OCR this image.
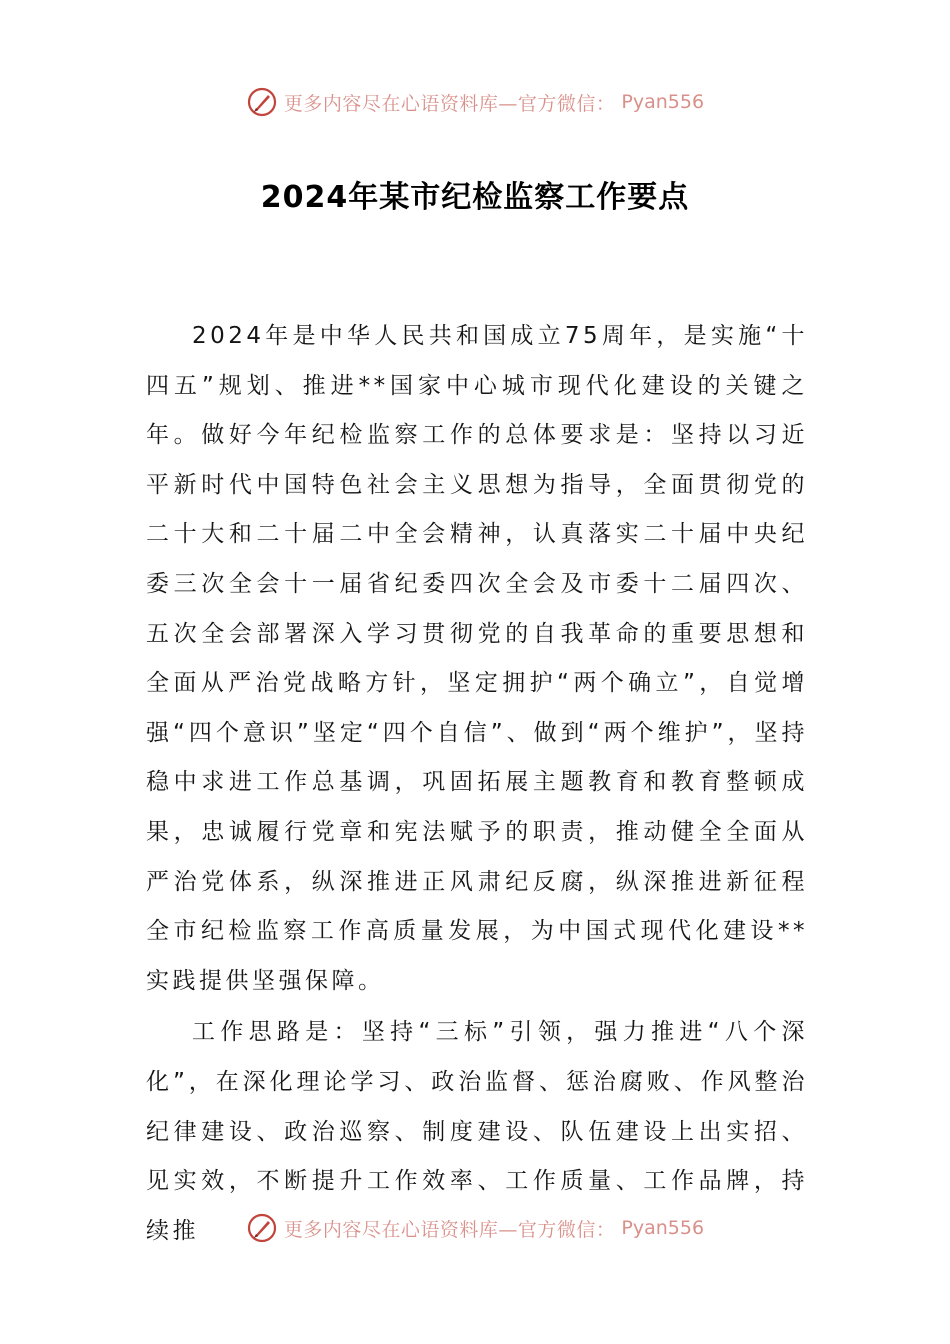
更多内容尽在心语资料库—官方微信： Pyan556
2024年某市纪检监察工作要点

2024年是中华人民共和国成立75周年，是实施“十四五”规划、推进**国家中心城市现代化建设的关键之年。做好今年纪检监察工作的总体要求是：坚持以习近平新时代中国特色社会主义思想为指导，全面贯彻党的二十大和二十届二中全会精神，认真落实二十届中央纪委三次全会十一届省纪委四次全会及市委十二届四次、五次全会部署深入学习贯彻党的自我革命的重要思想和全面从严治党战略方针，坚定拥护“两个确立”，自觉增强“四个意识”坚定“四个自信”、做到“两个维护”，坚持稳中求进工作总基调，巩固拓展主题教育和教育整顿成果，忠诚履行党章和宪法赋予的职责，推动健全全面从严治党体系，纵深推进正风肃纪反腐，纵深推进新征程全市纪检监察工作高质量发展，为中国式现代化建设**实践提供坚强保障。

工作思路是：坚持“三标”引领，强力推进“八个深化”，在深化理论学习、政治监督、惩治腐败、作风整治纪律建设、政治巡察、制度建设、队伍建设上出实招、见实效，不断提升工作效率、工作质量、工作品牌，持续推	更多内容尽在心语资料库—官方微信： Pyan556
